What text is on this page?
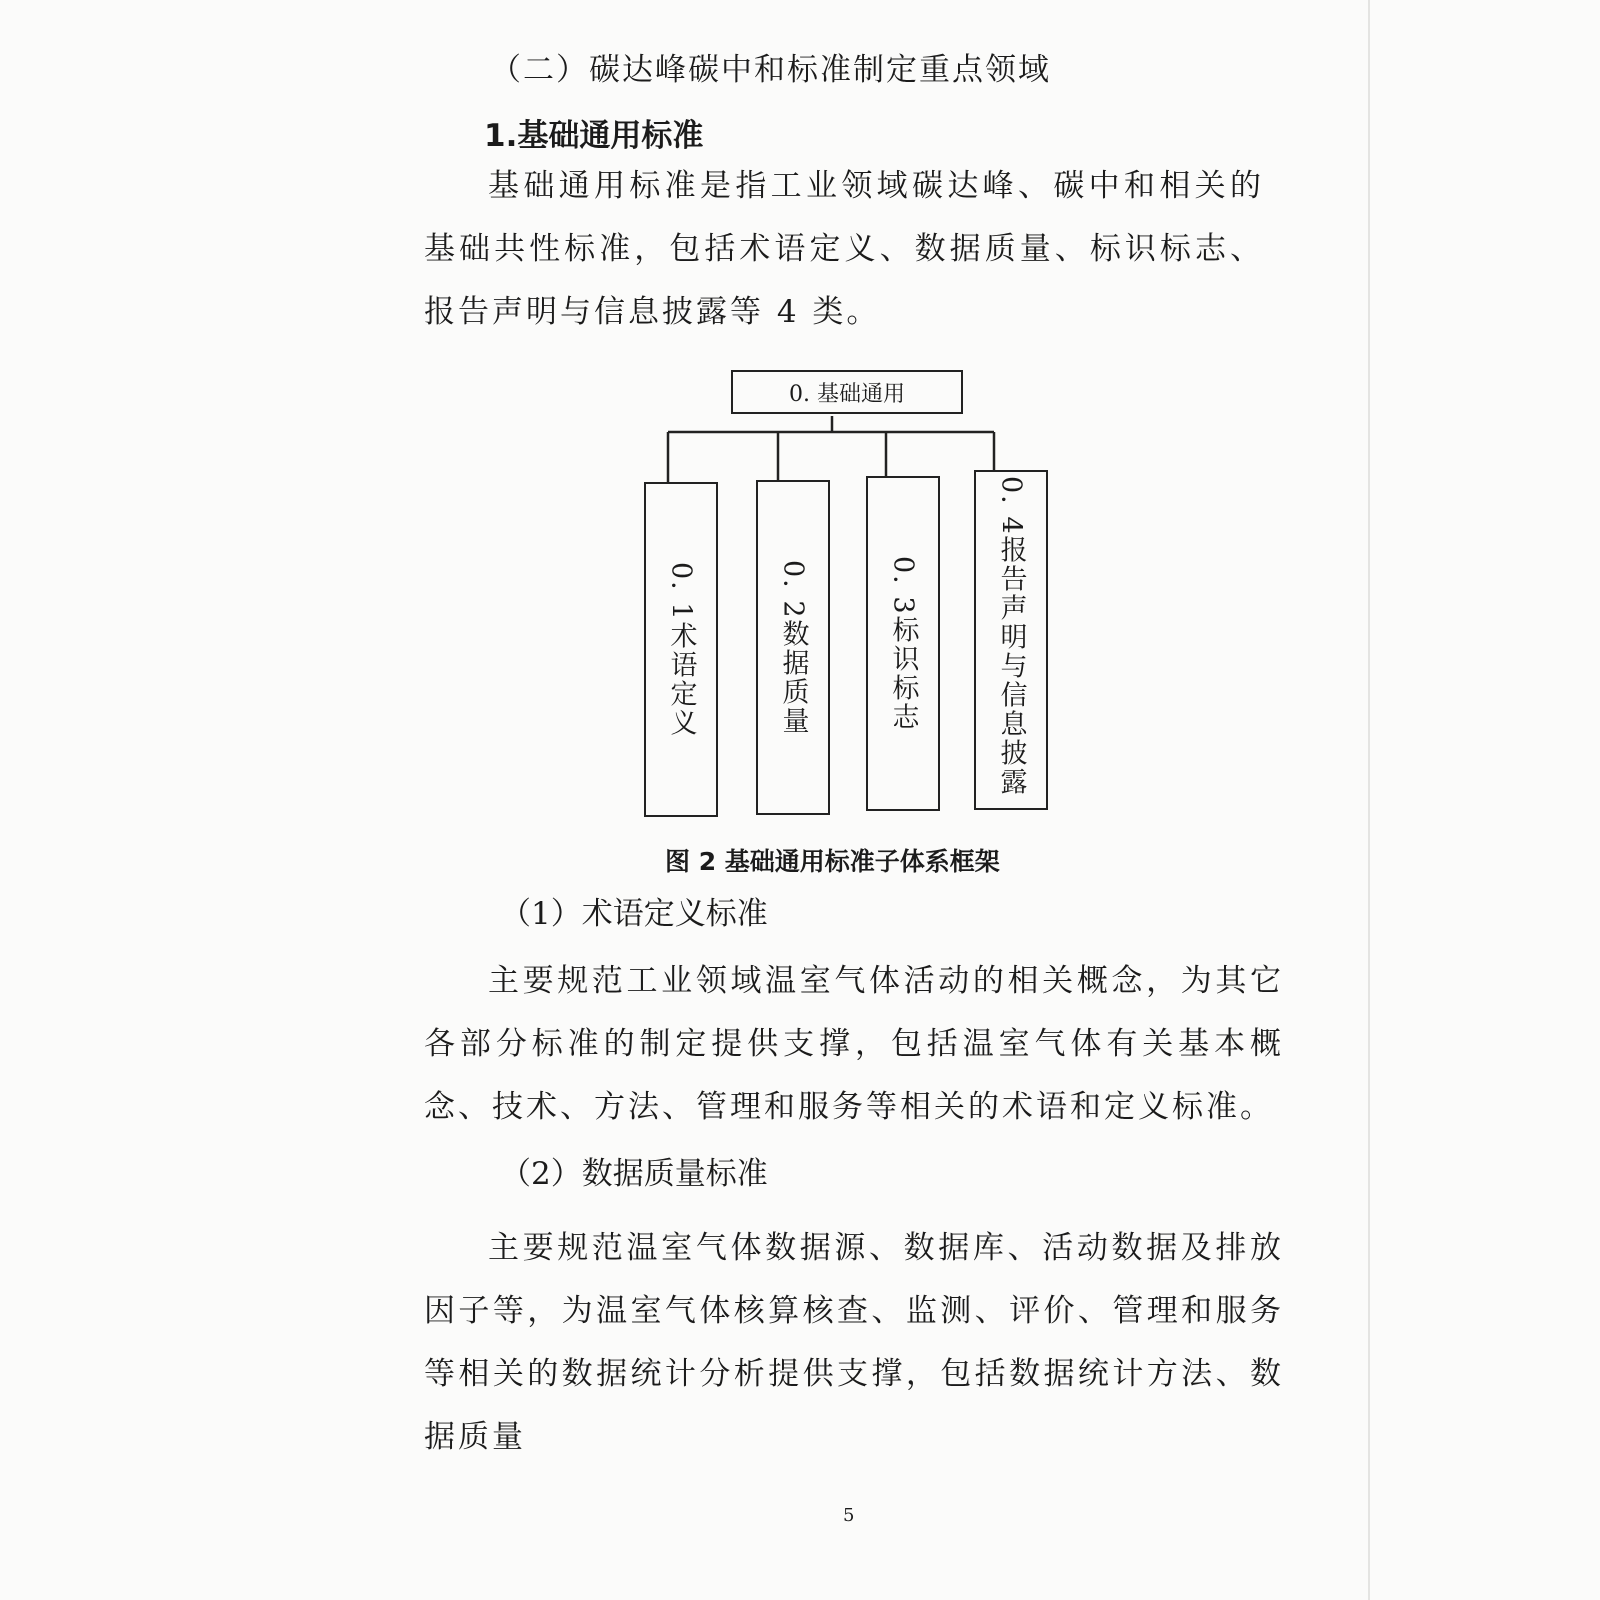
（二）碳达峰碳中和标准制定重点领域
1.基础通用标准
基础通用标准是指工业领域碳达峰、碳中和相关的基础共性标准，包括术语定义、数据质量、标识标志、报告声明与信息披露等 4 类。
0. 基础通用
0. 1术语定义	0. 2数据质量	0. 3标识标志	0. 4报告声明与信息披露
图 2 基础通用标准子体系框架
（1）术语定义标准
主要规范工业领域温室气体活动的相关概念，为其它各部分标准的制定提供支撑，包括温室气体有关基本概念、技术、方法、管理和服务等相关的术语和定义标准。
（2）数据质量标准
主要规范温室气体数据源、数据库、活动数据及排放因子等，为温室气体核算核查、监测、评价、管理和服务等相关的数据统计分析提供支撑，包括数据统计方法、数据质量
5
